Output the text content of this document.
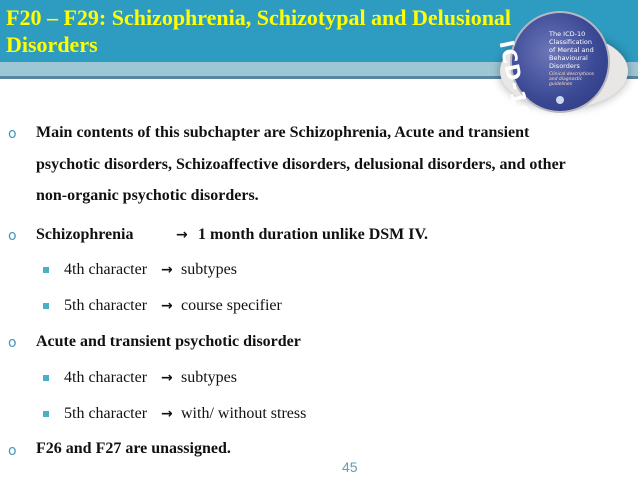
F20 – F29: Schizophrenia, Schizotypal and Delusional Disorders	ICD-10
The ICD-10 Classification of Mental and Behavioural Disorders
Clinical descriptions and diagnostic guidelines
o Main contents of this subchapter are Schizophrenia, Acute and transient
psychotic disorders, Schizoaffective disorders, delusional disorders, and other
non-organic psychotic disorders.
o Schizophrenia	→ 1 month duration unlike DSM IV.
4th character → subtypes
5th character → course specifier
o Acute and transient psychotic disorder
4th character → subtypes
5th character → with/ without stress
o F26 and F27 are unassigned.
45
